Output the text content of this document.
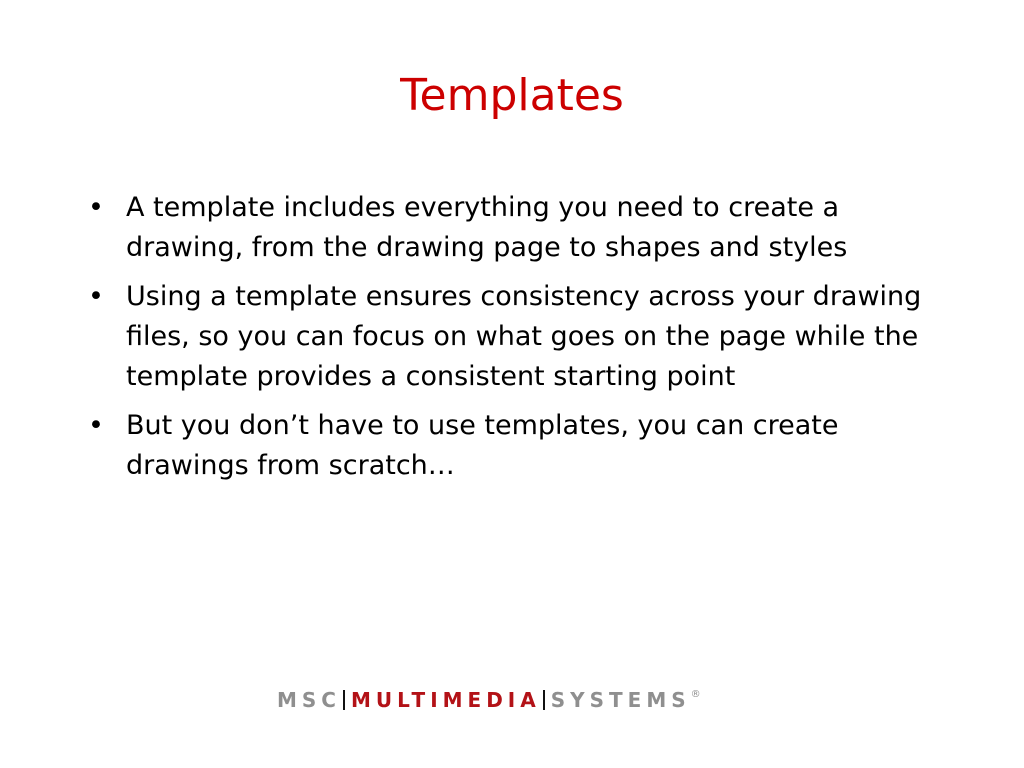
Templates
• A template includes everything you need to create a drawing, from the drawing page to shapes and styles
• Using a template ensures consistency across your drawing files, so you can focus on what goes on the page while the template provides a consistent starting point
• But you don’t have to use templates, you can create drawings from scratch…
MSC MULTIMEDIA SYSTEMS®
